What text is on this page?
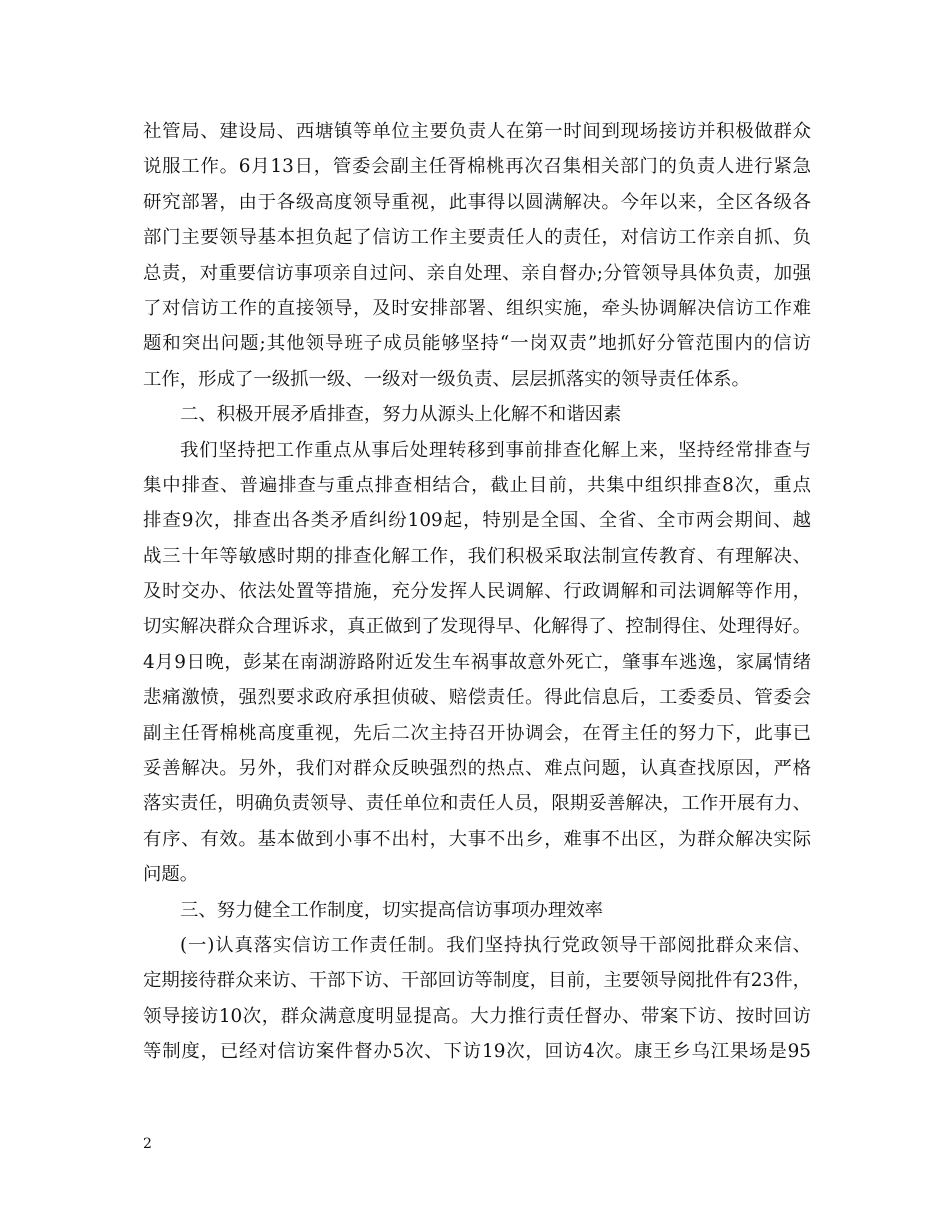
社管局、建设局、西塘镇等单位主要负责人在第一时间到现场接访并积极做群众
说服工作。6月13日，管委会副主任胥棉桃再次召集相关部门的负责人进行紧急
研究部署，由于各级高度领导重视，此事得以圆满解决。今年以来，全区各级各
部门主要领导基本担负起了信访工作主要责任人的责任，对信访工作亲自抓、负
总责，对重要信访事项亲自过问、亲自处理、亲自督办;分管领导具体负责，加强
了对信访工作的直接领导，及时安排部署、组织实施，牵头协调解决信访工作难
题和突出问题;其他领导班子成员能够坚持“一岗双责”地抓好分管范围内的信访
工作，形成了一级抓一级、一级对一级负责、层层抓落实的领导责任体系。
二、积极开展矛盾排查，努力从源头上化解不和谐因素
我们坚持把工作重点从事后处理转移到事前排查化解上来，坚持经常排查与
集中排查、普遍排查与重点排查相结合，截止目前，共集中组织排查8次，重点
排查9次，排查出各类矛盾纠纷109起，特别是全国、全省、全市两会期间、越
战三十年等敏感时期的排查化解工作，我们积极采取法制宣传教育、有理解决、
及时交办、依法处置等措施，充分发挥人民调解、行政调解和司法调解等作用，
切实解决群众合理诉求，真正做到了发现得早、化解得了、控制得住、处理得好。
4月9日晚，彭某在南湖游路附近发生车祸事故意外死亡，肇事车逃逸，家属情绪
悲痛激愤，强烈要求政府承担侦破、赔偿责任。得此信息后，工委委员、管委会
副主任胥棉桃高度重视，先后二次主持召开协调会，在胥主任的努力下，此事已
妥善解决。另外，我们对群众反映强烈的热点、难点问题，认真查找原因，严格
落实责任，明确负责领导、责任单位和责任人员，限期妥善解决，工作开展有力、
有序、有效。基本做到小事不出村，大事不出乡，难事不出区，为群众解决实际
问题。
三、努力健全工作制度，切实提高信访事项办理效率
(一)认真落实信访工作责任制。我们坚持执行党政领导干部阅批群众来信、
定期接待群众来访、干部下访、干部回访等制度，目前，主要领导阅批件有23件，
领导接访10次，群众满意度明显提高。大力推行责任督办、带案下访、按时回访
等制度，已经对信访案件督办5次、下访19次，回访4次。康王乡乌江果场是95
2
